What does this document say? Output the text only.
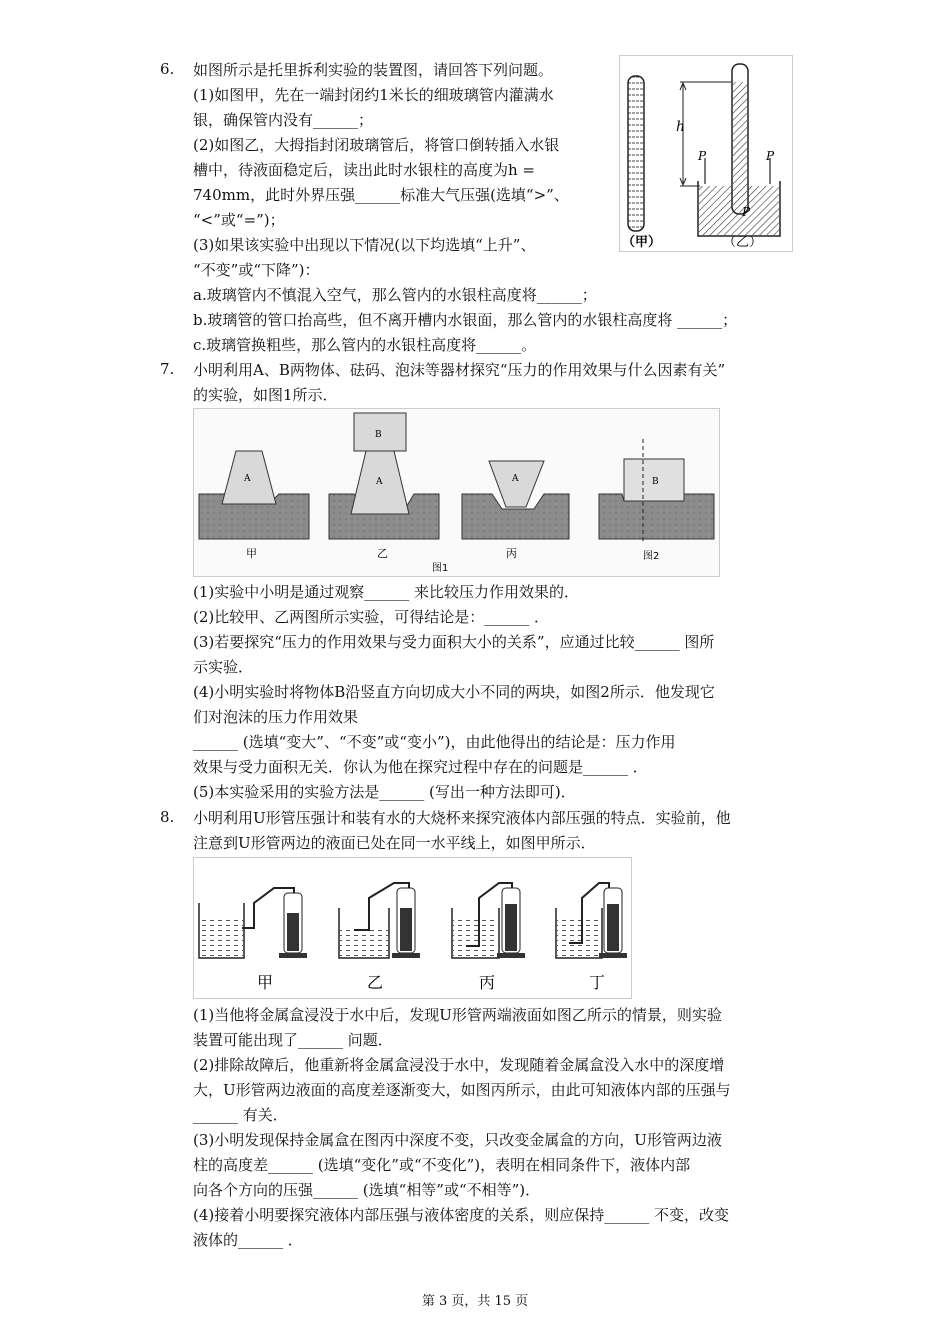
6. 如图所示是托里拆利实验的装置图，请回答下列问题。
(1)如图甲，先在一端封闭约1米长的细玻璃管内灌满水
银，确保管内没有______；
(2)如图乙，大拇指封闭玻璃管后，将管口倒转插入水银
槽中，待液面稳定后，读出此时水银柱的高度为h =
740mm，此时外界压强______标准大气压强(选填“>”、
“<”或“=”)；
(3)如果该实验中出现以下情况(以下均选填“上升”、
“不变”或“下降”)：
a.玻璃管内不慎混入空气，那么管内的水银柱高度将______；
b.玻璃管的管口抬高些，但不离开槽内水银面，那么管内的水银柱高度将 ______；
c.玻璃管换粗些，那么管内的水银柱高度将______。
h
P	P
P
（甲）	（乙）
7. 小明利用A、B两物体、砝码、泡沫等器材探究“压力的作用效果与什么因素有关”
的实验，如图1所示．
A
甲
B
A
乙
A
丙
图1
B
图2
(1)实验中小明是通过观察______ 来比较压力作用效果的．
(2)比较甲、乙两图所示实验，可得结论是：______ ．
(3)若要探究“压力的作用效果与受力面积大小的关系”，应通过比较______ 图所
示实验．
(4)小明实验时将物体B沿竖直方向切成大小不同的两块，如图2所示．他发现它
们对泡沫的压力作用效果
______ (选填“变大”、“不变”或“变小”)，由此他得出的结论是：压力作用
效果与受力面积无关．你认为他在探究过程中存在的问题是______ ．
(5)本实验采用的实验方法是______ (写出一种方法即可)．
8. 小明利用U形管压强计和装有水的大烧杯来探究液体内部压强的特点．实验前，他
注意到U形管两边的液面已处在同一水平线上，如图甲所示．
甲	乙	丙	丁
(1)当他将金属盒浸没于水中后，发现U形管两端液面如图乙所示的情景，则实验
装置可能出现了______ 问题．
(2)排除故障后，他重新将金属盒浸没于水中，发现随着金属盒没入水中的深度增
大，U形管两边液面的高度差逐渐变大，如图丙所示，由此可知液体内部的压强与
______ 有关．
(3)小明发现保持金属盒在图丙中深度不变，只改变金属盒的方向，U形管两边液
柱的高度差______ (选填“变化”或“不变化”)，表明在相同条件下，液体内部
向各个方向的压强______ (选填“相等”或“不相等”)．
(4)接着小明要探究液体内部压强与液体密度的关系，则应保持______ 不变，改变
液体的______ ．
第 3 页，共 15 页
